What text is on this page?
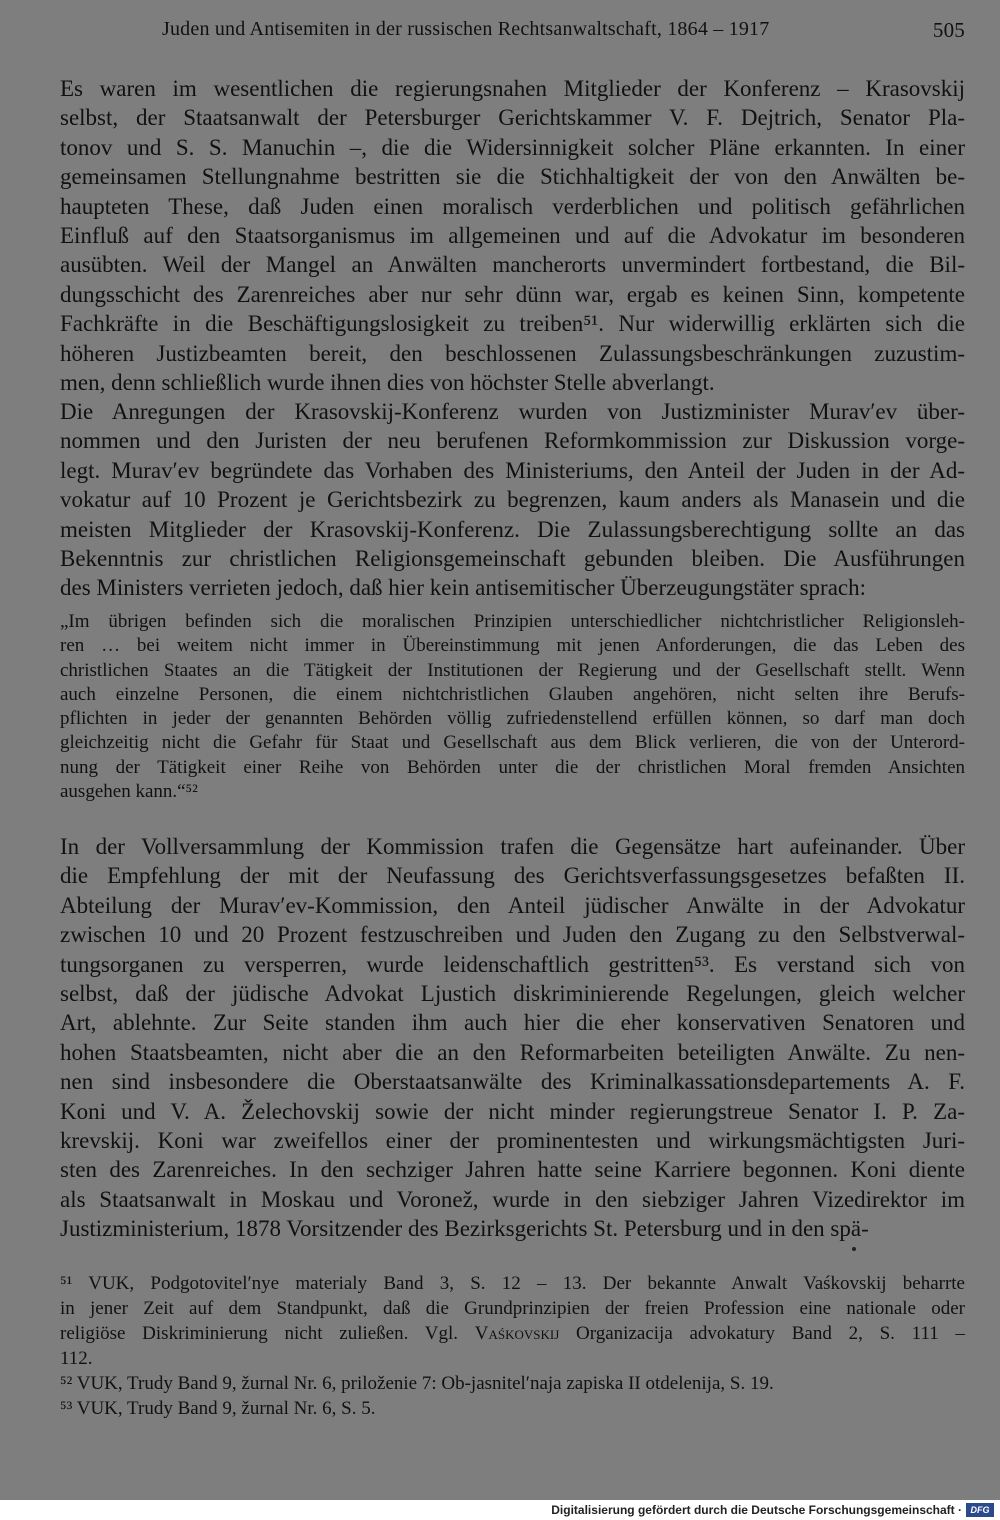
Juden und Antisemiten in der russischen Rechtsanwaltschaft, 1864 – 1917	505
Es waren im wesentlichen die regierungsnahen Mitglieder der Konferenz – Krasovskij
selbst, der Staatsanwalt der Petersburger Gerichtskammer V. F. Dejtrich, Senator Pla-
tonov und S. S. Manuchin –, die die Widersinnigkeit solcher Pläne erkannten. In einer
gemeinsamen Stellungnahme bestritten sie die Stichhaltigkeit der von den Anwälten be-
haupteten These, daß Juden einen moralisch verderblichen und politisch gefährlichen
Einfluß auf den Staatsorganismus im allgemeinen und auf die Advokatur im besonderen
ausübten. Weil der Mangel an Anwälten mancherorts unvermindert fortbestand, die Bil-
dungsschicht des Zarenreiches aber nur sehr dünn war, ergab es keinen Sinn, kompetente
Fachkräfte in die Beschäftigungslosigkeit zu treiben⁵¹. Nur widerwillig erklärten sich die
höheren Justizbeamten bereit, den beschlossenen Zulassungsbeschränkungen zuzustim-
men, denn schließlich wurde ihnen dies von höchster Stelle abverlangt.
Die Anregungen der Krasovskij-Konferenz wurden von Justizminister Muravʹev über-
nommen und den Juristen der neu berufenen Reformkommission zur Diskussion vorge-
legt. Muravʹev begründete das Vorhaben des Ministeriums, den Anteil der Juden in der Ad-
vokatur auf 10 Prozent je Gerichtsbezirk zu begrenzen, kaum anders als Manasein und die
meisten Mitglieder der Krasovskij-Konferenz. Die Zulassungsberechtigung sollte an das
Bekenntnis zur christlichen Religionsgemeinschaft gebunden bleiben. Die Ausführungen
des Ministers verrieten jedoch, daß hier kein antisemitischer Überzeugungstäter sprach:
„Im übrigen befinden sich die moralischen Prinzipien unterschiedlicher nichtchristlicher Religionsleh-
ren … bei weitem nicht immer in Übereinstimmung mit jenen Anforderungen, die das Leben des
christlichen Staates an die Tätigkeit der Institutionen der Regierung und der Gesellschaft stellt. Wenn
auch einzelne Personen, die einem nichtchristlichen Glauben angehören, nicht selten ihre Berufs-
pflichten in jeder der genannten Behörden völlig zufriedenstellend erfüllen können, so darf man doch
gleichzeitig nicht die Gefahr für Staat und Gesellschaft aus dem Blick verlieren, die von der Unterord-
nung der Tätigkeit einer Reihe von Behörden unter die der christlichen Moral fremden Ansichten
ausgehen kann.“⁵²
In der Vollversammlung der Kommission trafen die Gegensätze hart aufeinander. Über
die Empfehlung der mit der Neufassung des Gerichtsverfassungsgesetzes befaßten II.
Abteilung der Muravʹev-Kommission, den Anteil jüdischer Anwälte in der Advokatur
zwischen 10 und 20 Prozent festzuschreiben und Juden den Zugang zu den Selbstverwal-
tungsorganen zu versperren, wurde leidenschaftlich gestritten⁵³. Es verstand sich von
selbst, daß der jüdische Advokat Ljustich diskriminierende Regelungen, gleich welcher
Art, ablehnte. Zur Seite standen ihm auch hier die eher konservativen Senatoren und
hohen Staatsbeamten, nicht aber die an den Reformarbeiten beteiligten Anwälte. Zu nen-
nen sind insbesondere die Oberstaatsanwälte des Kriminalkassationsdepartements A. F.
Koni und V. A. Želechovskij sowie der nicht minder regierungstreue Senator I. P. Za-
krevskij. Koni war zweifellos einer der prominentesten und wirkungsmächtigsten Juri-
sten des Zarenreiches. In den sechziger Jahren hatte seine Karriere begonnen. Koni diente
als Staatsanwalt in Moskau und Voronež, wurde in den siebziger Jahren Vizedirektor im
Justizministerium, 1878 Vorsitzender des Bezirksgerichts St. Petersburg und in den spä-
⁵¹ VUK, Podgotovitelʹnye materialy Band 3, S. 12 – 13. Der bekannte Anwalt Vaśkovskij beharrte
in jener Zeit auf dem Standpunkt, daß die Grundprinzipien der freien Profession eine nationale oder
religiöse Diskriminierung nicht zuließen. Vgl. Vaśkovskij Organizacija advokatury Band 2, S. 111 –
112.
⁵² VUK, Trudy Band 9, žurnal Nr. 6, priloženie 7: Ob-jasnitelʹnaja zapiska II otdelenija, S. 19.
⁵³ VUK, Trudy Band 9, žurnal Nr. 6, S. 5.
Digitalisierung gefördert durch die Deutsche Forschungsgemeinschaft · DFG
